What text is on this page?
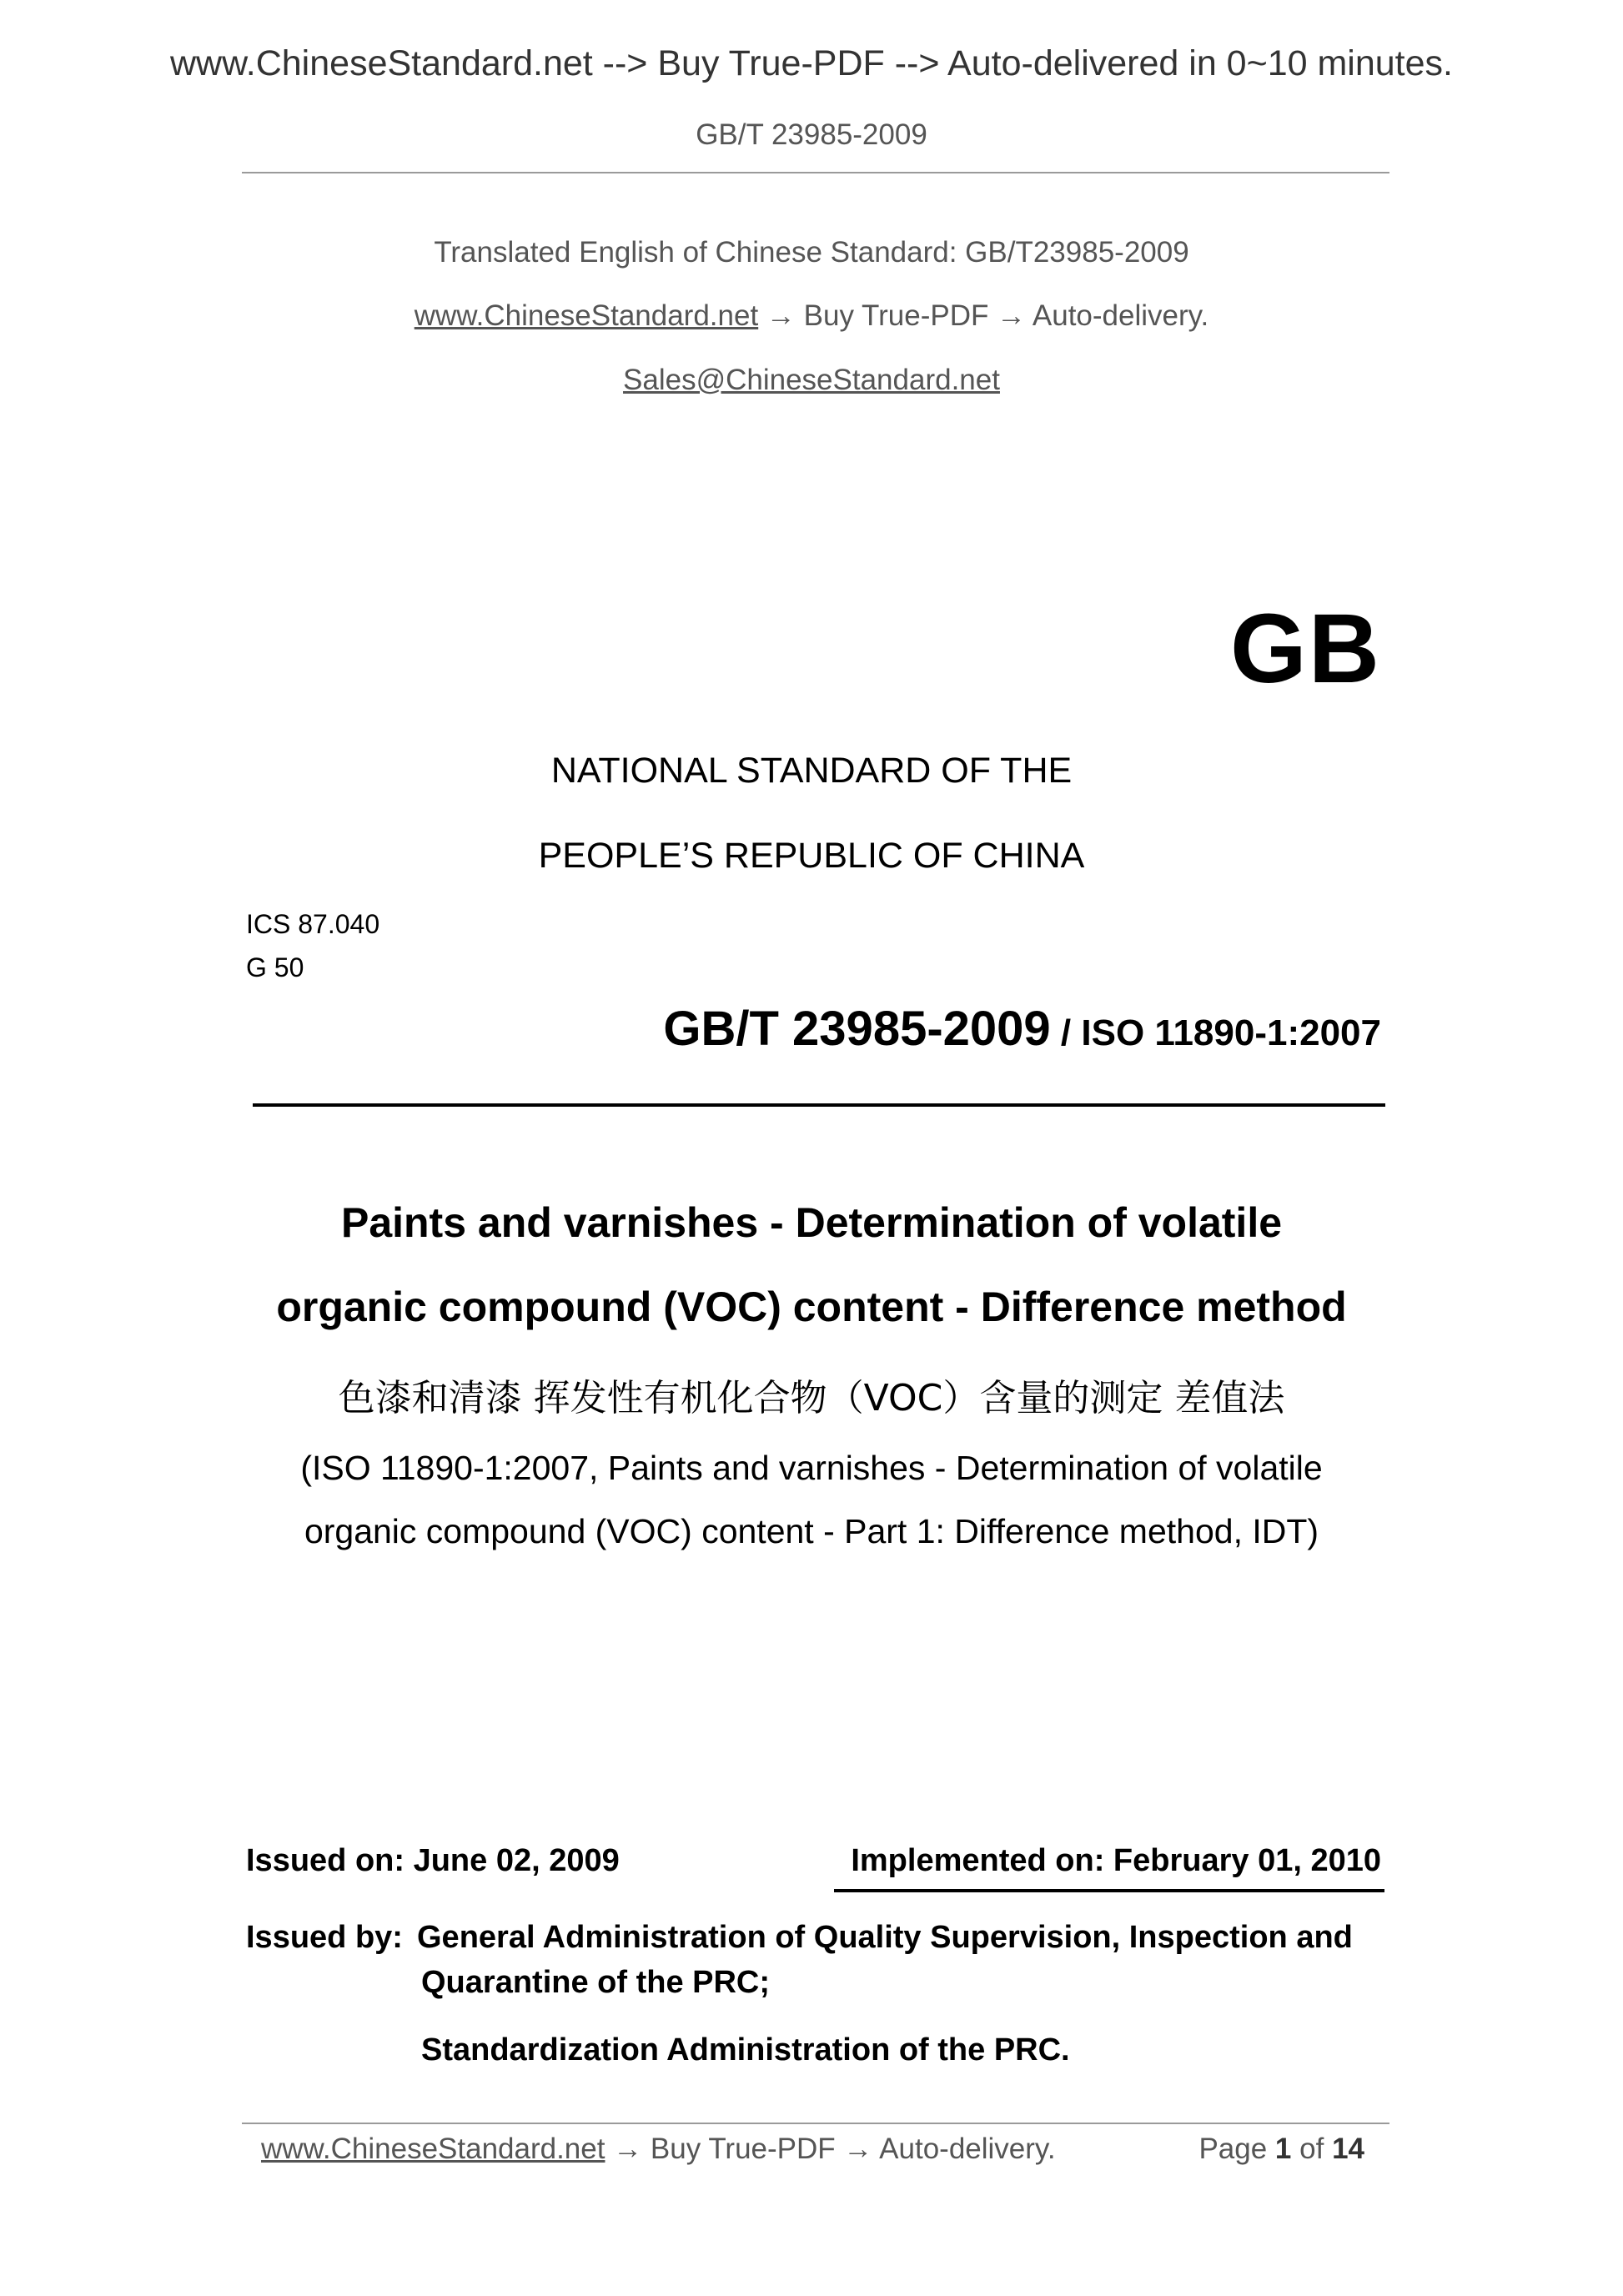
www.ChineseStandard.net --> Buy True-PDF --> Auto-delivered in 0~10 minutes.
GB/T 23985-2009
Translated English of Chinese Standard: GB/T23985-2009
www.ChineseStandard.net → Buy True-PDF → Auto-delivery.
Sales@ChineseStandard.net
GB
NATIONAL STANDARD OF THE
PEOPLE’S REPUBLIC OF CHINA
ICS 87.040
G 50
GB/T 23985-2009 / ISO 11890-1:2007
Paints and varnishes - Determination of volatile
organic compound (VOC) content - Difference method
色漆和清漆 挥发性有机化合物（VOC）含量的测定 差值法
(ISO 11890-1:2007, Paints and varnishes - Determination of volatile
organic compound (VOC) content - Part 1: Difference method, IDT)
Issued on: June 02, 2009	Implemented on: February 01, 2010
Issued by: General Administration of Quality Supervision, Inspection and
Quarantine of the PRC;
Standardization Administration of the PRC.
www.ChineseStandard.net → Buy True-PDF → Auto-delivery.	Page 1 of 14
